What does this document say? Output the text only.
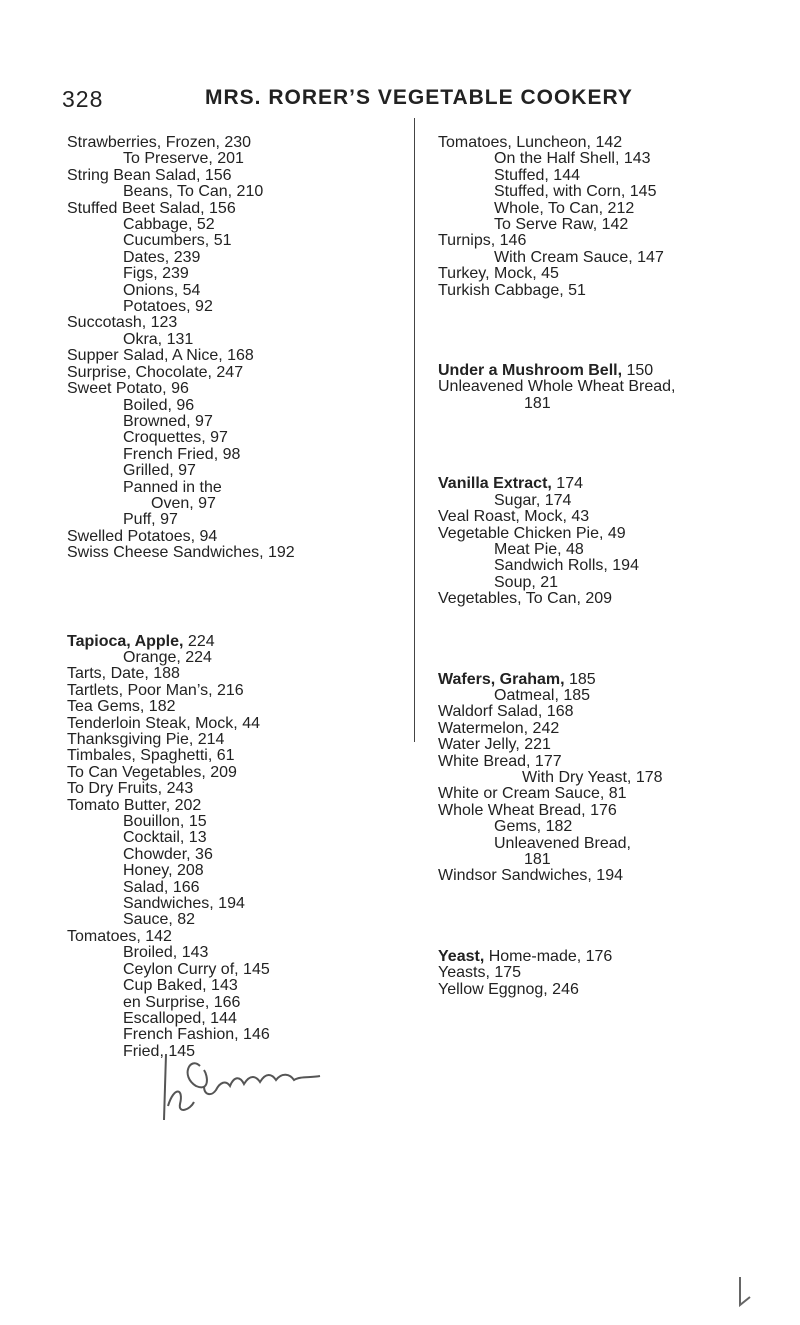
328	MRS. RORER’S VEGETABLE COOKERY
Strawberries, Frozen, 230
To Preserve, 201
String Bean Salad, 156
Beans, To Can, 210
Stuffed Beet Salad, 156
Cabbage, 52
Cucumbers, 51
Dates, 239
Figs, 239
Onions, 54
Potatoes, 92
Succotash, 123
Okra, 131
Supper Salad, A Nice, 168
Surprise, Chocolate, 247
Sweet Potato, 96
Boiled, 96
Browned, 97
Croquettes, 97
French Fried, 98
Grilled, 97
Panned in the
Oven, 97
Puff, 97
Swelled Potatoes, 94
Swiss Cheese Sandwiches, 192
Tapioca, Apple, 224
Orange, 224
Tarts, Date, 188
Tartlets, Poor Man’s, 216
Tea Gems, 182
Tenderloin Steak, Mock, 44
Thanksgiving Pie, 214
Timbales, Spaghetti, 61
To Can Vegetables, 209
To Dry Fruits, 243
Tomato Butter, 202
Bouillon, 15
Cocktail, 13
Chowder, 36
Honey, 208
Salad, 166
Sandwiches, 194
Sauce, 82
Tomatoes, 142
Broiled, 143
Ceylon Curry of, 145
Cup Baked, 143
en Surprise, 166
Escalloped, 144
French Fashion, 146
Fried, 145
Tomatoes, Luncheon, 142
On the Half Shell, 143
Stuffed, 144
Stuffed, with Corn, 145
Whole, To Can, 212
To Serve Raw, 142
Turnips, 146
With Cream Sauce, 147
Turkey, Mock, 45
Turkish Cabbage, 51
Under a Mushroom Bell, 150
Unleavened Whole Wheat Bread,
181
Vanilla Extract, 174
Sugar, 174
Veal Roast, Mock, 43
Vegetable Chicken Pie, 49
Meat Pie, 48
Sandwich Rolls, 194
Soup, 21
Vegetables, To Can, 209
Wafers, Graham, 185
Oatmeal, 185
Waldorf Salad, 168
Watermelon, 242
Water Jelly, 221
White Bread, 177
With Dry Yeast, 178
White or Cream Sauce, 81
Whole Wheat Bread, 176
Gems, 182
Unleavened Bread,
181
Windsor Sandwiches, 194
Yeast, Home-made, 176
Yeasts, 175
Yellow Eggnog, 246
